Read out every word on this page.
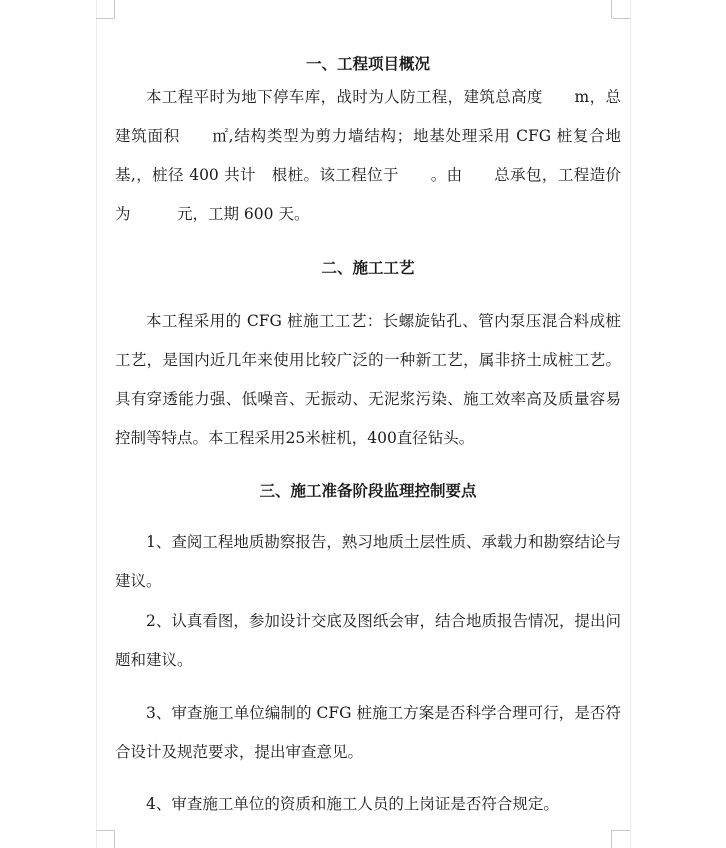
一、工程项目概况
本工程平时为地下停车库，战时为人防工程，建筑总高度　　m，总建筑面积　　㎡,结构类型为剪力墙结构；地基处理采用 CFG 桩复合地基,，桩径 400 共计　根桩。该工程位于　　。由　　总承包，工程造价为　　　元，工期 600 天。
二、施工工艺
本工程采用的 CFG 桩施工工艺：长螺旋钻孔、管内泵压混合料成桩工艺，是国内近几年来使用比较广泛的一种新工艺，属非挤土成桩工艺。具有穿透能力强、低噪音、无振动、无泥浆污染、施工效率高及质量容易控制等特点。本工程采用25米桩机，400直径钻头。
三、施工准备阶段监理控制要点
1、查阅工程地质勘察报告，熟习地质土层性质、承载力和勘察结论与建议。
2、认真看图，参加设计交底及图纸会审，结合地质报告情况，提出问题和建议。
3、审查施工单位编制的 CFG 桩施工方案是否科学合理可行，是否符合设计及规范要求，提出审查意见。
4、审查施工单位的资质和施工人员的上岗证是否符合规定。
